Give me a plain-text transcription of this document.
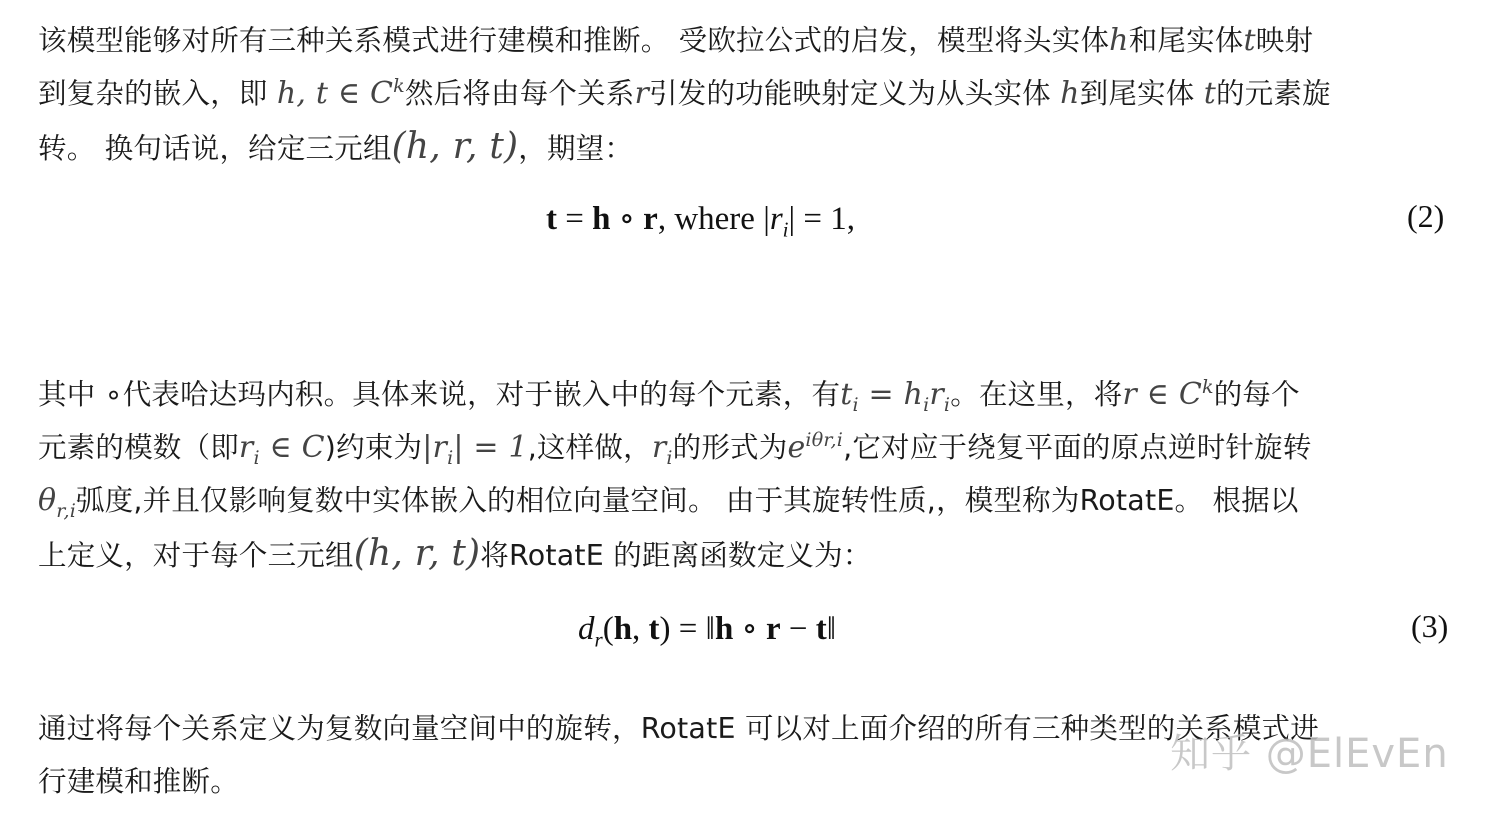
该模型能够对所有三种关系模式进行建模和推断。 受欧拉公式的启发，模型将头实体h和尾实体t映射
到复杂的嵌入，即 h, t ∈ $C^k$然后将由每个关系r引发的功能映射定义为从头实体 h到尾实体 t的元素旋
转。 换句话说，给定三元组(h, r, t)，期望：
t = h ∘ r, where $|r_i| = 1$,	(2)
其中 ∘代表哈达玛内积。具体来说，对于嵌入中的每个元素，有$t_i = h_ir_i$。在这里，将r ∈ $C^k$的每个
元素的模数（即$r_i$ ∈ C)约束为$|r_i| = 1$,这样做，$r_i$的形式为$e^{i\theta r,i}$,它对应于绕复平面的原点逆时针旋转
$\theta_{r,i}$弧度,并且仅影响复数中实体嵌入的相位向量空间。 由于其旋转性质,，模型称为RotatE。 根据以
上定义，对于每个三元组(h, r, t)将RotatE 的距离函数定义为：
$d_r(h$, t) = ‖h ∘ r − t‖	(3)
通过将每个关系定义为复数向量空间中的旋转，RotatE 可以对上面介绍的所有三种类型的关系模式进
行建模和推断。
知乎 @ElEvEn
